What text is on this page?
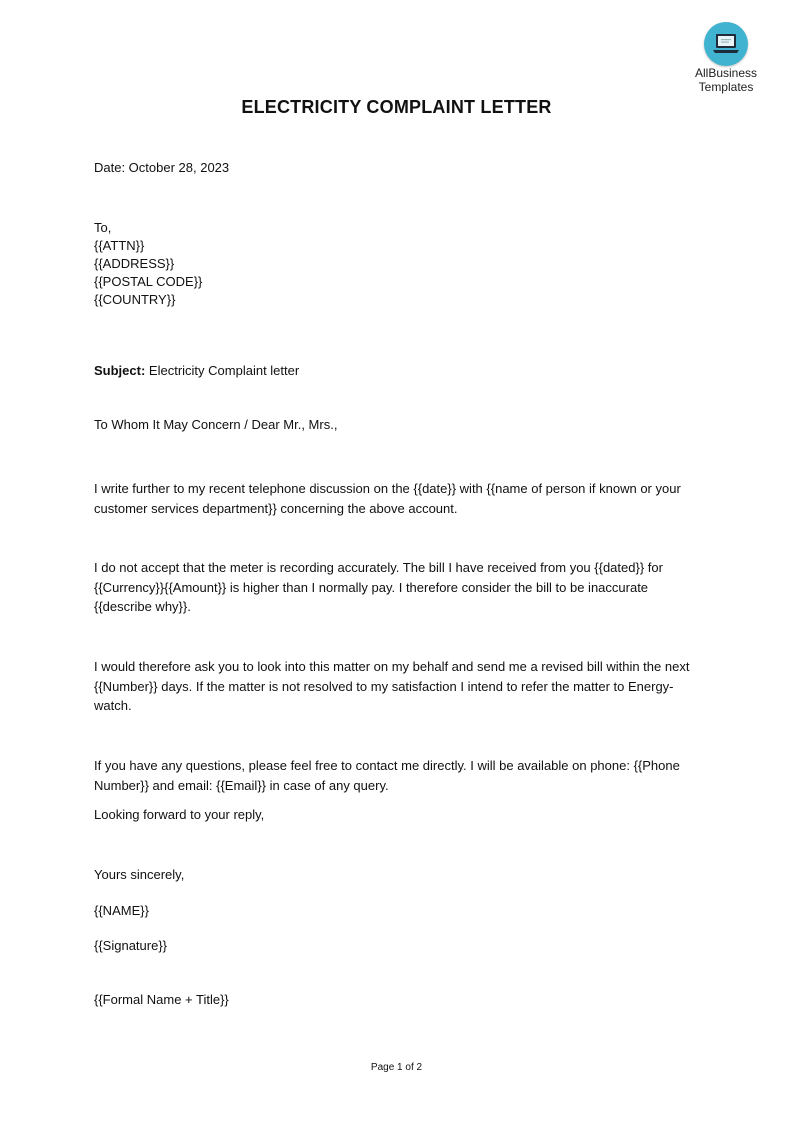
AllBusiness
Templates
ELECTRICITY COMPLAINT LETTER
Date: October 28, 2023
To,
{{ATTN}}
{{ADDRESS}}
{{POSTAL CODE}}
{{COUNTRY}}
Subject: Electricity Complaint letter
To Whom It May Concern / Dear Mr., Mrs.,
I write further to my recent telephone discussion on the {{date}} with {{name of person if known or your customer services department}} concerning the above account.
I do not accept that the meter is recording accurately. The bill I have received from you {{dated}} for {{Currency}}{{Amount}} is higher than I normally pay. I therefore consider the bill to be inaccurate {{describe why}}.
I would therefore ask you to look into this matter on my behalf and send me a revised bill within the next {{Number}} days. If the matter is not resolved to my satisfaction I intend to refer the matter to Energy-watch.
If you have any questions, please feel free to contact me directly. I will be available on phone: {{Phone Number}} and email: {{Email}} in case of any query.
Looking forward to your reply,
Yours sincerely,
{{NAME}}
{{Signature}}
{{Formal Name + Title}}
Page 1 of 2
